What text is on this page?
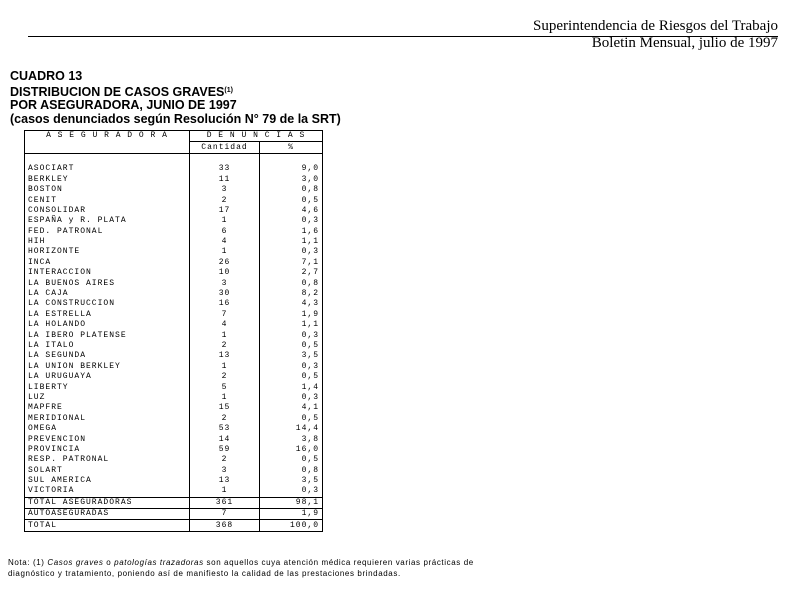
Superintendencia de Riesgos del Trabajo
Boletin Mensual, julio de 1997
CUADRO 13
DISTRIBUCION DE CASOS GRAVES$^{(1)}$
POR ASEGURADORA, JUNIO DE 1997
(casos denunciados según Resolución N° 79 de la SRT)
A S E G U R A D O R A	D E N U N C I A S	
	Cantidad	%

ASOCIART	33	9,0
BERKLEY	11	3,0
BOSTON	3	0,8
CENIT	2	0,5
CONSOLIDAR	17	4,6
ESPAÑA y R. PLATA	1	0,3
FED. PATRONAL	6	1,6
HIH	4	1,1
HORIZONTE	1	0,3
INCA	26	7,1
INTERACCION	10	2,7
LA BUENOS AIRES	3	0,8
LA CAJA	30	8,2
LA CONSTRUCCION	16	4,3
LA ESTRELLA	7	1,9
LA HOLANDO	4	1,1
LA IBERO PLATENSE	1	0,3
LA ITALO	2	0,5
LA SEGUNDA	13	3,5
LA UNION BERKLEY	1	0,3
LA URUGUAYA	2	0,5
LIBERTY	5	1,4
LUZ	1	0,3
MAPFRE	15	4,1
MERIDIONAL	2	0,5
OMEGA	53	14,4
PREVENCION	14	3,8
PROVINCIA	59	16,0
RESP. PATRONAL	2	0,5
SOLART	3	0,8
SUL AMERICA	13	3,5
VICTORIA	1	0,3
TOTAL ASEGURADORAS	361	98,1
AUTOASEGURADAS	7	1,9
TOTAL	368	100,0
Nota: (1) Casos graves o patologías trazadoras son aquellos cuya atención médica requieren varias prácticas de diagnóstico y tratamiento, poniendo así de manifiesto la calidad de las prestaciones brindadas.
